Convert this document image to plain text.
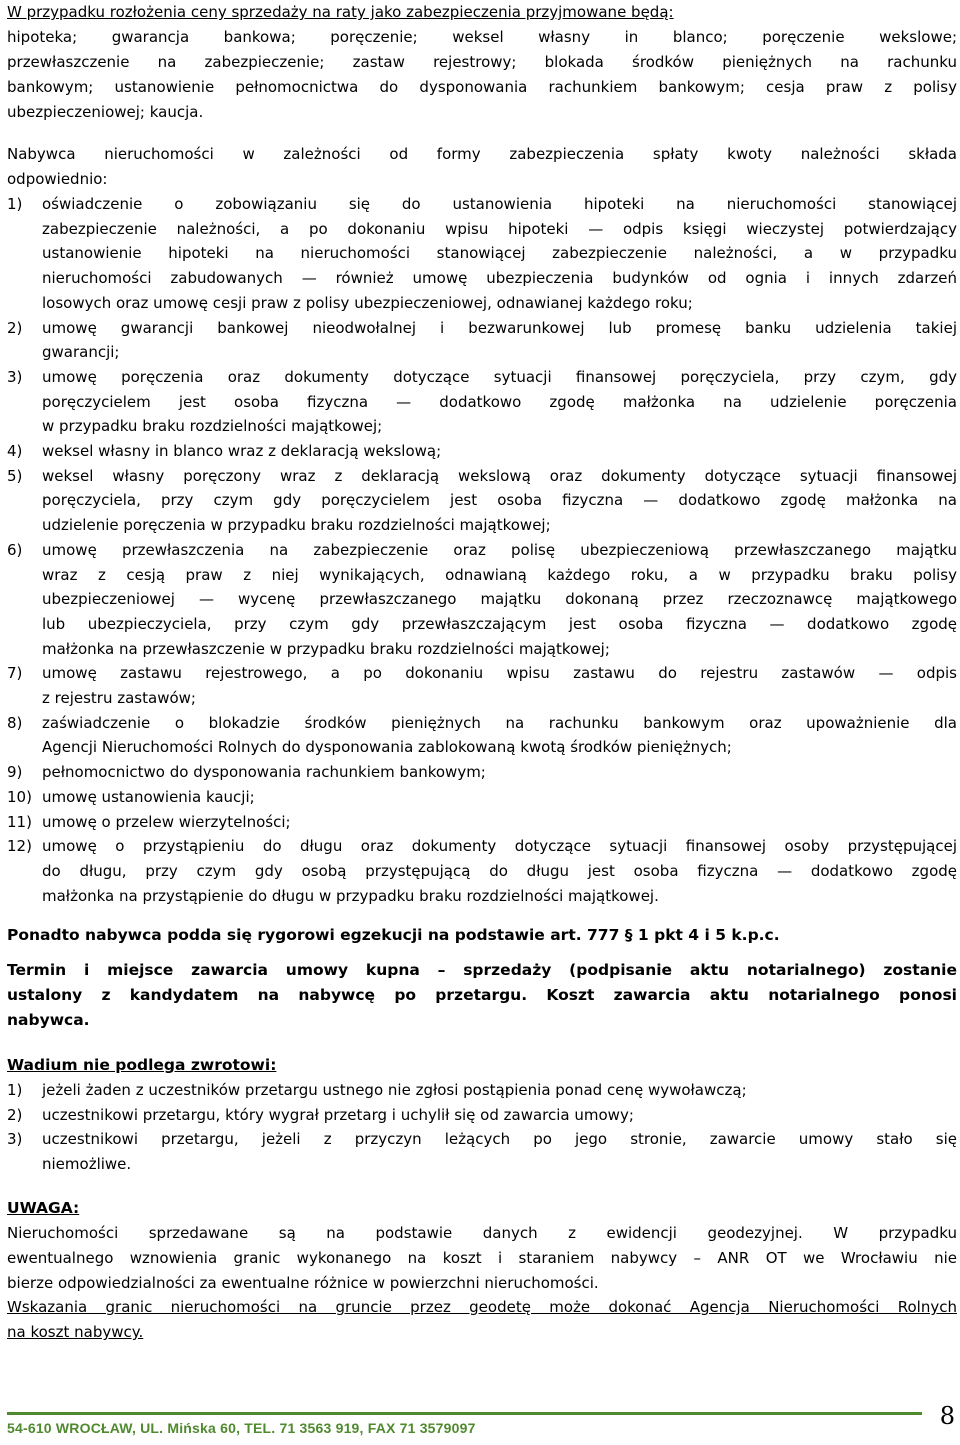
W przypadku rozłożenia ceny sprzedaży na raty jako zabezpieczenia przyjmowane będą:
hipoteka; gwarancja bankowa; poręczenie; weksel własny in blanco; poręczenie wekslowe;
przewłaszczenie na zabezpieczenie; zastaw rejestrowy; blokada środków pieniężnych na rachunku
bankowym; ustanowienie pełnomocnictwa do dysponowania rachunkiem bankowym; cesja praw z polisy
ubezpieczeniowej; kaucja.
Nabywca nieruchomości w zależności od formy zabezpieczenia spłaty kwoty należności składa
odpowiednio:
1) oświadczenie o zobowiązaniu się do ustanowienia hipoteki na nieruchomości stanowiącej
zabezpieczenie należności, a po dokonaniu wpisu hipoteki — odpis księgi wieczystej potwierdzający
ustanowienie hipoteki na nieruchomości stanowiącej zabezpieczenie należności, a w przypadku
nieruchomości zabudowanych — również umowę ubezpieczenia budynków od ognia i innych zdarzeń
losowych oraz umowę cesji praw z polisy ubezpieczeniowej, odnawianej każdego roku;
2) umowę gwarancji bankowej nieodwołalnej i bezwarunkowej lub promesę banku udzielenia takiej
gwarancji;
3) umowę poręczenia oraz dokumenty dotyczące sytuacji finansowej poręczyciela, przy czym, gdy
poręczycielem jest osoba fizyczna — dodatkowo zgodę małżonka na udzielenie poręczenia
w przypadku braku rozdzielności majątkowej;
4) weksel własny in blanco wraz z deklaracją wekslową;
5) weksel własny poręczony wraz z deklaracją wekslową oraz dokumenty dotyczące sytuacji finansowej
poręczyciela, przy czym gdy poręczycielem jest osoba fizyczna — dodatkowo zgodę małżonka na
udzielenie poręczenia w przypadku braku rozdzielności majątkowej;
6) umowę przewłaszczenia na zabezpieczenie oraz polisę ubezpieczeniową przewłaszczanego majątku
wraz z cesją praw z niej wynikających, odnawianą każdego roku, a w przypadku braku polisy
ubezpieczeniowej — wycenę przewłaszczanego majątku dokonaną przez rzeczoznawcę majątkowego
lub ubezpieczyciela, przy czym gdy przewłaszczającym jest osoba fizyczna — dodatkowo zgodę
małżonka na przewłaszczenie w przypadku braku rozdzielności majątkowej;
7) umowę zastawu rejestrowego, a po dokonaniu wpisu zastawu do rejestru zastawów — odpis
z rejestru zastawów;
8) zaświadczenie o blokadzie środków pieniężnych na rachunku bankowym oraz upoważnienie dla
Agencji Nieruchomości Rolnych do dysponowania zablokowaną kwotą środków pieniężnych;
9) pełnomocnictwo do dysponowania rachunkiem bankowym;
10) umowę ustanowienia kaucji;
11) umowę o przelew wierzytelności;
12) umowę o przystąpieniu do długu oraz dokumenty dotyczące sytuacji finansowej osoby przystępującej
do długu, przy czym gdy osobą przystępującą do długu jest osoba fizyczna — dodatkowo zgodę
małżonka na przystąpienie do długu w przypadku braku rozdzielności majątkowej.
Ponadto nabywca podda się rygorowi egzekucji na podstawie art. 777 § 1 pkt 4 i 5 k.p.c.
Termin i miejsce zawarcia umowy kupna – sprzedaży (podpisanie aktu notarialnego) zostanie
ustalony z kandydatem na nabywcę po przetargu. Koszt zawarcia aktu notarialnego ponosi
nabywca.
Wadium nie podlega zwrotowi:
1) jeżeli żaden z uczestników przetargu ustnego nie zgłosi postąpienia ponad cenę wywoławczą;
2) uczestnikowi przetargu, który wygrał przetarg i uchylił się od zawarcia umowy;
3) uczestnikowi przetargu, jeżeli z przyczyn leżących po jego stronie, zawarcie umowy stało się
niemożliwe.
UWAGA:
Nieruchomości sprzedawane są na podstawie danych z ewidencji geodezyjnej. W przypadku
ewentualnego wznowienia granic wykonanego na koszt i staraniem nabywcy – ANR OT we Wrocławiu nie
bierze odpowiedzialności za ewentualne różnice w powierzchni nieruchomości.
Wskazania granic nieruchomości na gruncie przez geodetę może dokonać Agencja Nieruchomości Rolnych
na koszt nabywcy.
54-610 WROCŁAW, UL. Mińska 60, TEL. 71 3563 919, FAX 71 3579097	8
